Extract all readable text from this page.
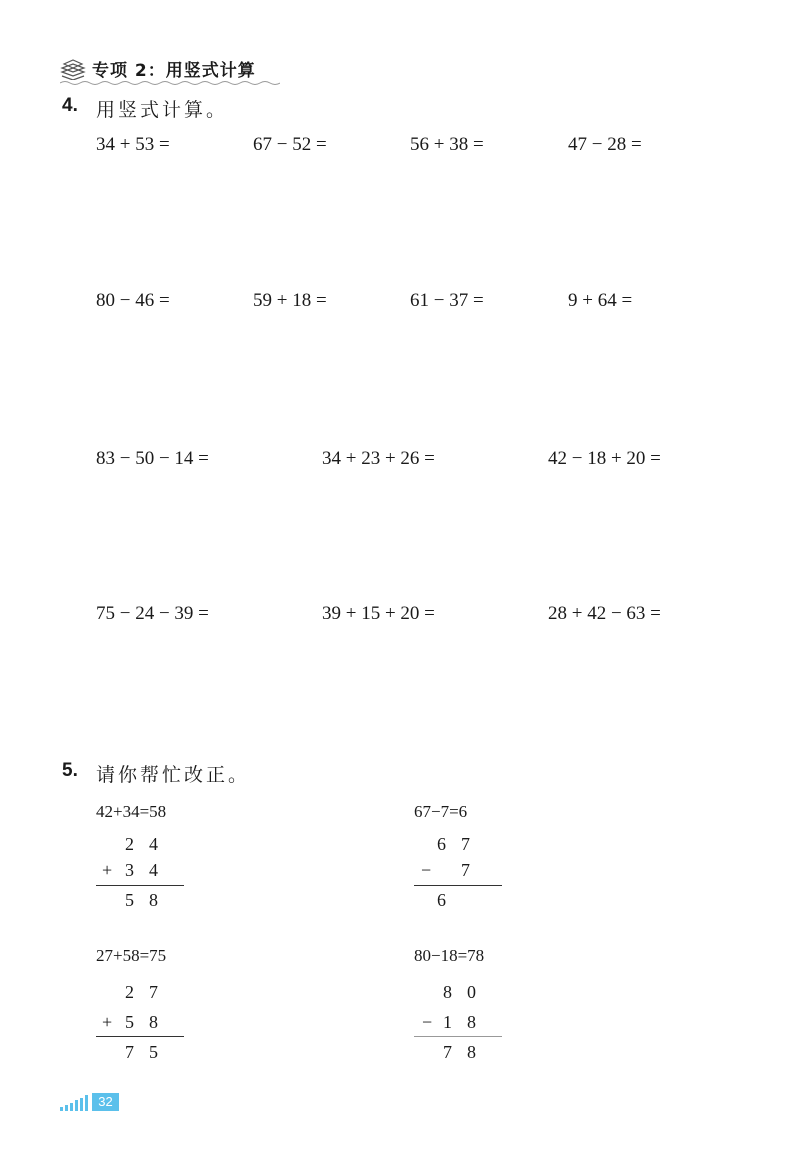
专项 2：用竖式计算
4. 用竖式计算。
34 + 53 =	67 − 52 =	56 + 38 =	47 − 28 =
80 − 46 =	59 + 18 =	61 − 37 =	9 + 64 =
83 − 50 − 14 =	34 + 23 + 26 =	42 − 18 + 20 =
75 − 24 − 39 =	39 + 15 + 20 =	28 + 42 − 63 =
5. 请你帮忙改正。
42+34=58
2 4
+ 3 4
5 8
67−7=6
6 7
− 7
6
27+58=75
2 7
+ 5 8
7 5
80−18=78
8 0
− 1 8
7 8
32
